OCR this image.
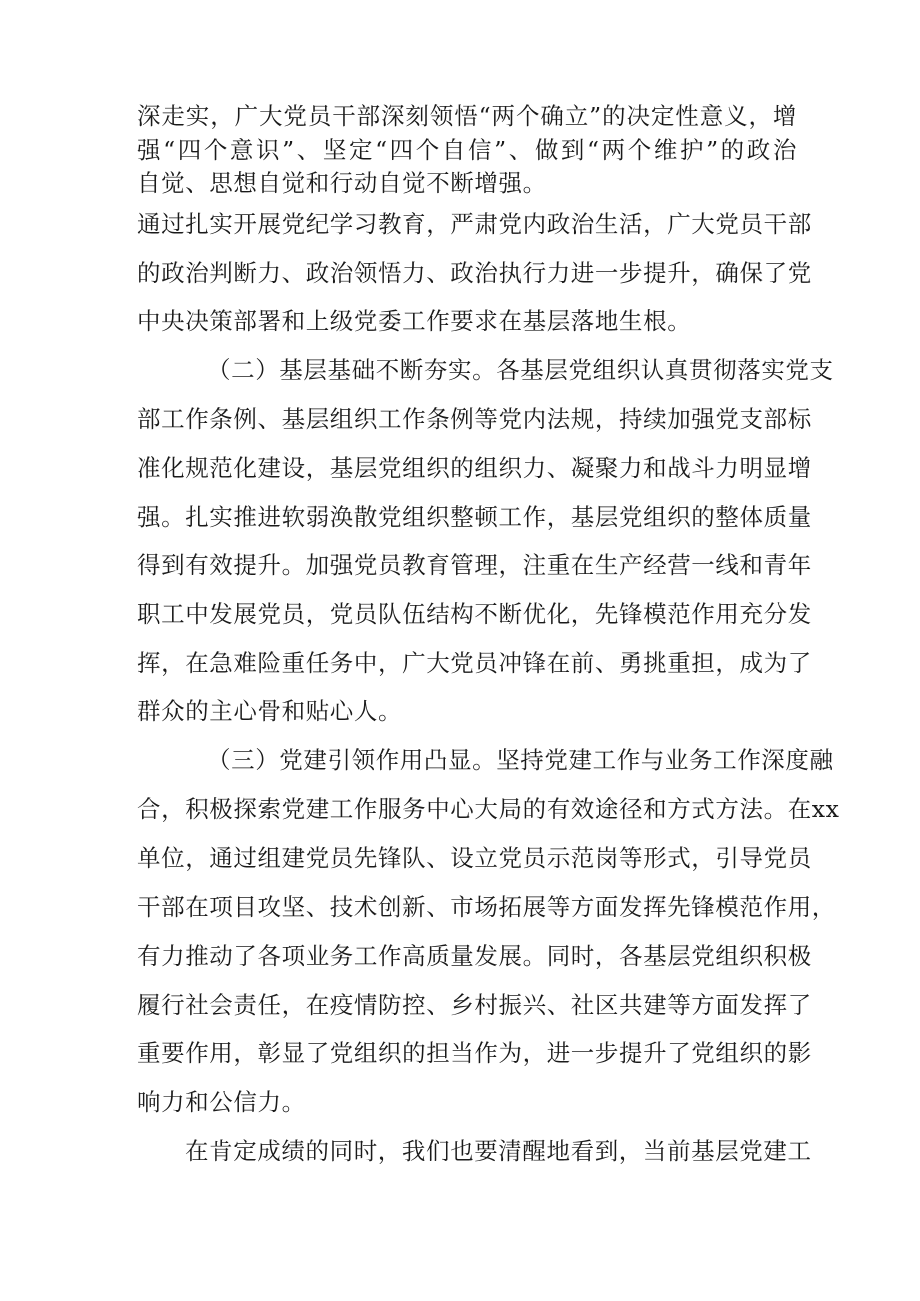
深走实，广大党员干部深刻领悟“两个确立”的决定性意义，增
强“四个意识”、坚定“四个自信”、做到“两个维护”的政治
自觉、思想自觉和行动自觉不断增强。
通过扎实开展党纪学习教育，严肃党内政治生活，广大党员干部
的政治判断力、政治领悟力、政治执行力进一步提升，确保了党
中央决策部署和上级党委工作要求在基层落地生根。
（二）基层基础不断夯实。各基层党组织认真贯彻落实党支
部工作条例、基层组织工作条例等党内法规，持续加强党支部标
准化规范化建设，基层党组织的组织力、凝聚力和战斗力明显增
强。扎实推进软弱涣散党组织整顿工作，基层党组织的整体质量
得到有效提升。加强党员教育管理，注重在生产经营一线和青年
职工中发展党员，党员队伍结构不断优化，先锋模范作用充分发
挥，在急难险重任务中，广大党员冲锋在前、勇挑重担，成为了
群众的主心骨和贴心人。
（三）党建引领作用凸显。坚持党建工作与业务工作深度融
合，积极探索党建工作服务中心大局的有效途径和方式方法。在xx
单位，通过组建党员先锋队、设立党员示范岗等形式，引导党员
干部在项目攻坚、技术创新、市场拓展等方面发挥先锋模范作用，
有力推动了各项业务工作高质量发展。同时，各基层党组织积极
履行社会责任，在疫情防控、乡村振兴、社区共建等方面发挥了
重要作用，彰显了党组织的担当作为，进一步提升了党组织的影
响力和公信力。
在肯定成绩的同时，我们也要清醒地看到，当前基层党建工
